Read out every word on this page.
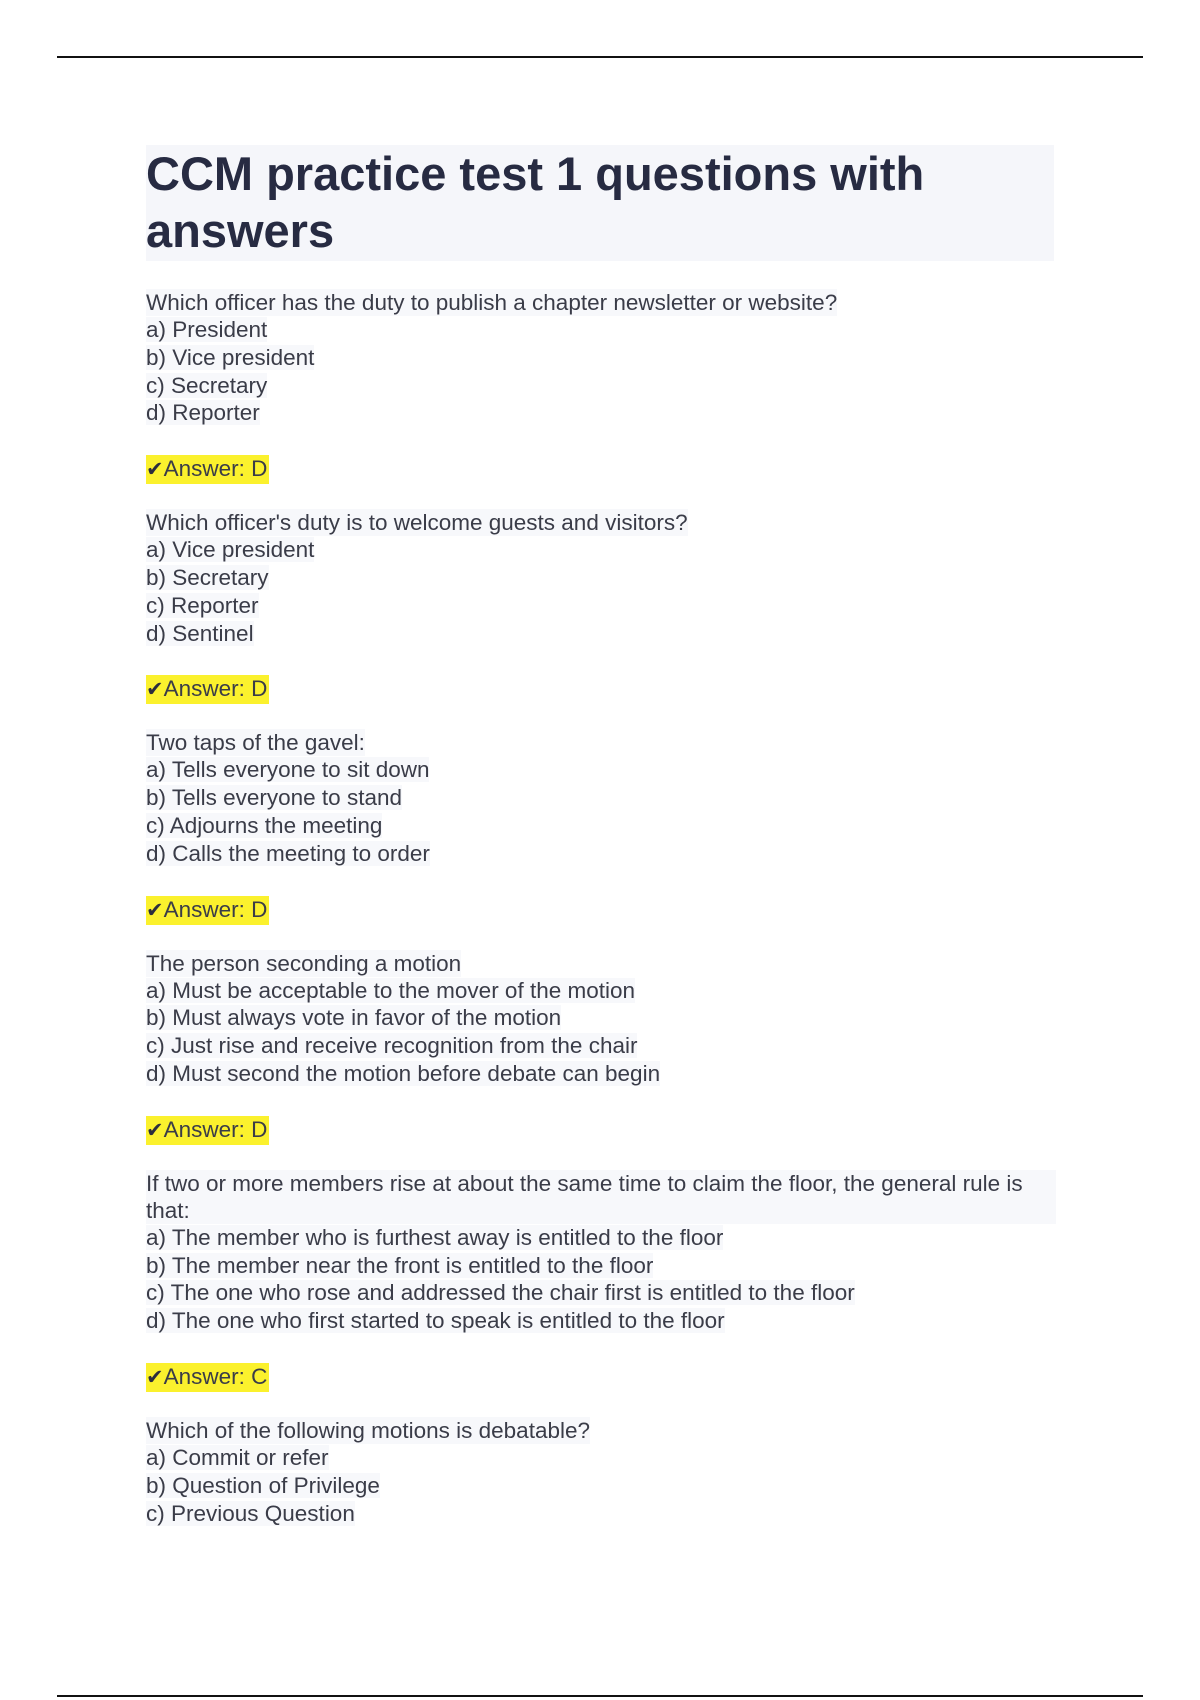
CCM practice test 1 questions with answers

Which officer has the duty to publish a chapter newsletter or website?

a) President
b) Vice president
c) Secretary
d) Reporter
✔Answer: D

Which officer's duty is to welcome guests and visitors?

a) Vice president
b) Secretary
c) Reporter
d) Sentinel
✔Answer: D

Two taps of the gavel:

a) Tells everyone to sit down
b) Tells everyone to stand
c) Adjourns the meeting
d) Calls the meeting to order
✔Answer: D

The person seconding a motion

a) Must be acceptable to the mover of the motion
b) Must always vote in favor of the motion
c) Just rise and receive recognition from the chair
d) Must second the motion before debate can begin
✔Answer: D

If two or more members rise at about the same time to claim the floor, the general rule is that:

a) The member who is furthest away is entitled to the floor
b) The member near the front is entitled to the floor
c) The one who rose and addressed the chair first is entitled to the floor
d) The one who first started to speak is entitled to the floor
✔Answer: C

Which of the following motions is debatable?

a) Commit or refer
b) Question of Privilege
c) Previous Question
